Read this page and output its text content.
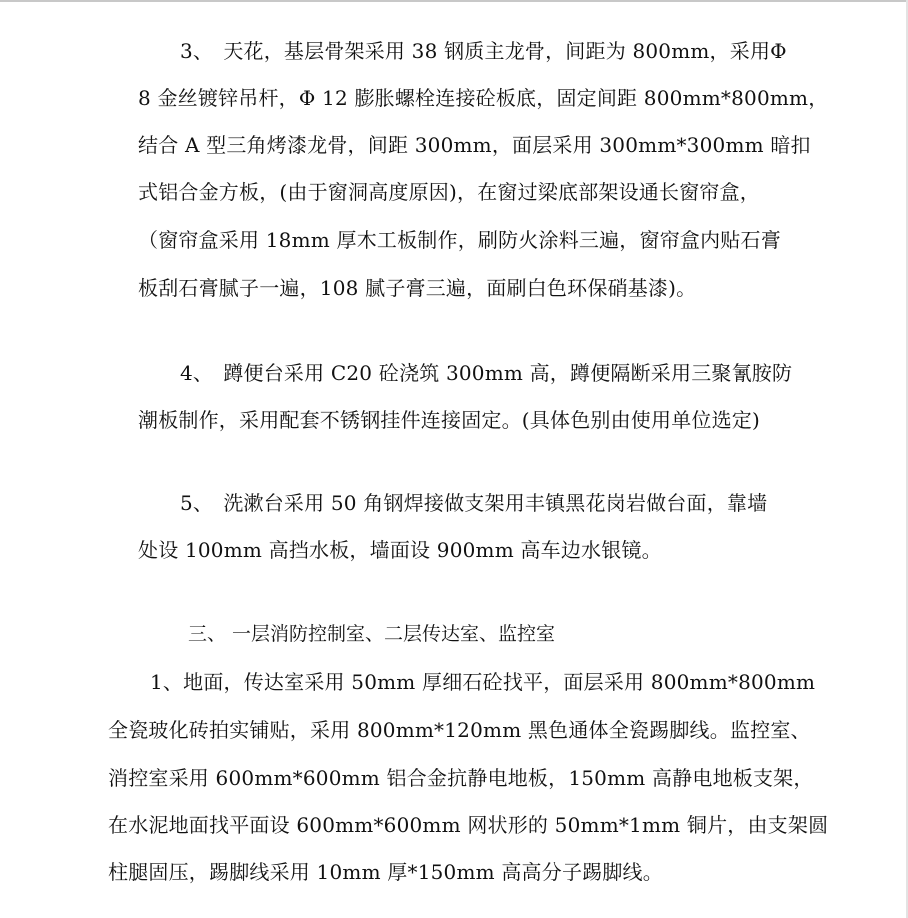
3、　天花，基层骨架采用 38 钢质主龙骨，间距为 800mm，采用Φ
8 金丝镀锌吊杆，Φ 12 膨胀螺栓连接砼板底，固定间距 800mm*800mm，
结合 A 型三角烤漆龙骨，间距 300mm，面层采用 300mm*300mm 暗扣
式铝合金方板，(由于窗洞高度原因)，在窗过梁底部架设通长窗帘盒，
（窗帘盒采用 18mm 厚木工板制作，刷防火涂料三遍，窗帘盒内贴石膏
板刮石膏腻子一遍，108 腻子膏三遍，面刷白色环保硝基漆)。
4、　蹲便台采用 C20 砼浇筑 300mm 高，蹲便隔断采用三聚氰胺防
潮板制作，采用配套不锈钢挂件连接固定。(具体色别由使用单位选定)
5、　洗漱台采用 50 角钢焊接做支架用丰镇黑花岗岩做台面，靠墙
处设 100mm 高挡水板，墙面设 900mm 高车边水银镜。
三、 一层消防控制室、二层传达室、监控室
1、地面，传达室采用 50mm 厚细石砼找平，面层采用 800mm*800mm
全瓷玻化砖拍实铺贴，采用 800mm*120mm 黑色通体全瓷踢脚线。监控室、
消控室采用 600mm*600mm 铝合金抗静电地板，150mm 高静电地板支架，
在水泥地面找平面设 600mm*600mm 网状形的 50mm*1mm 铜片，由支架圆
柱腿固压，踢脚线采用 10mm 厚*150mm 高高分子踢脚线。
